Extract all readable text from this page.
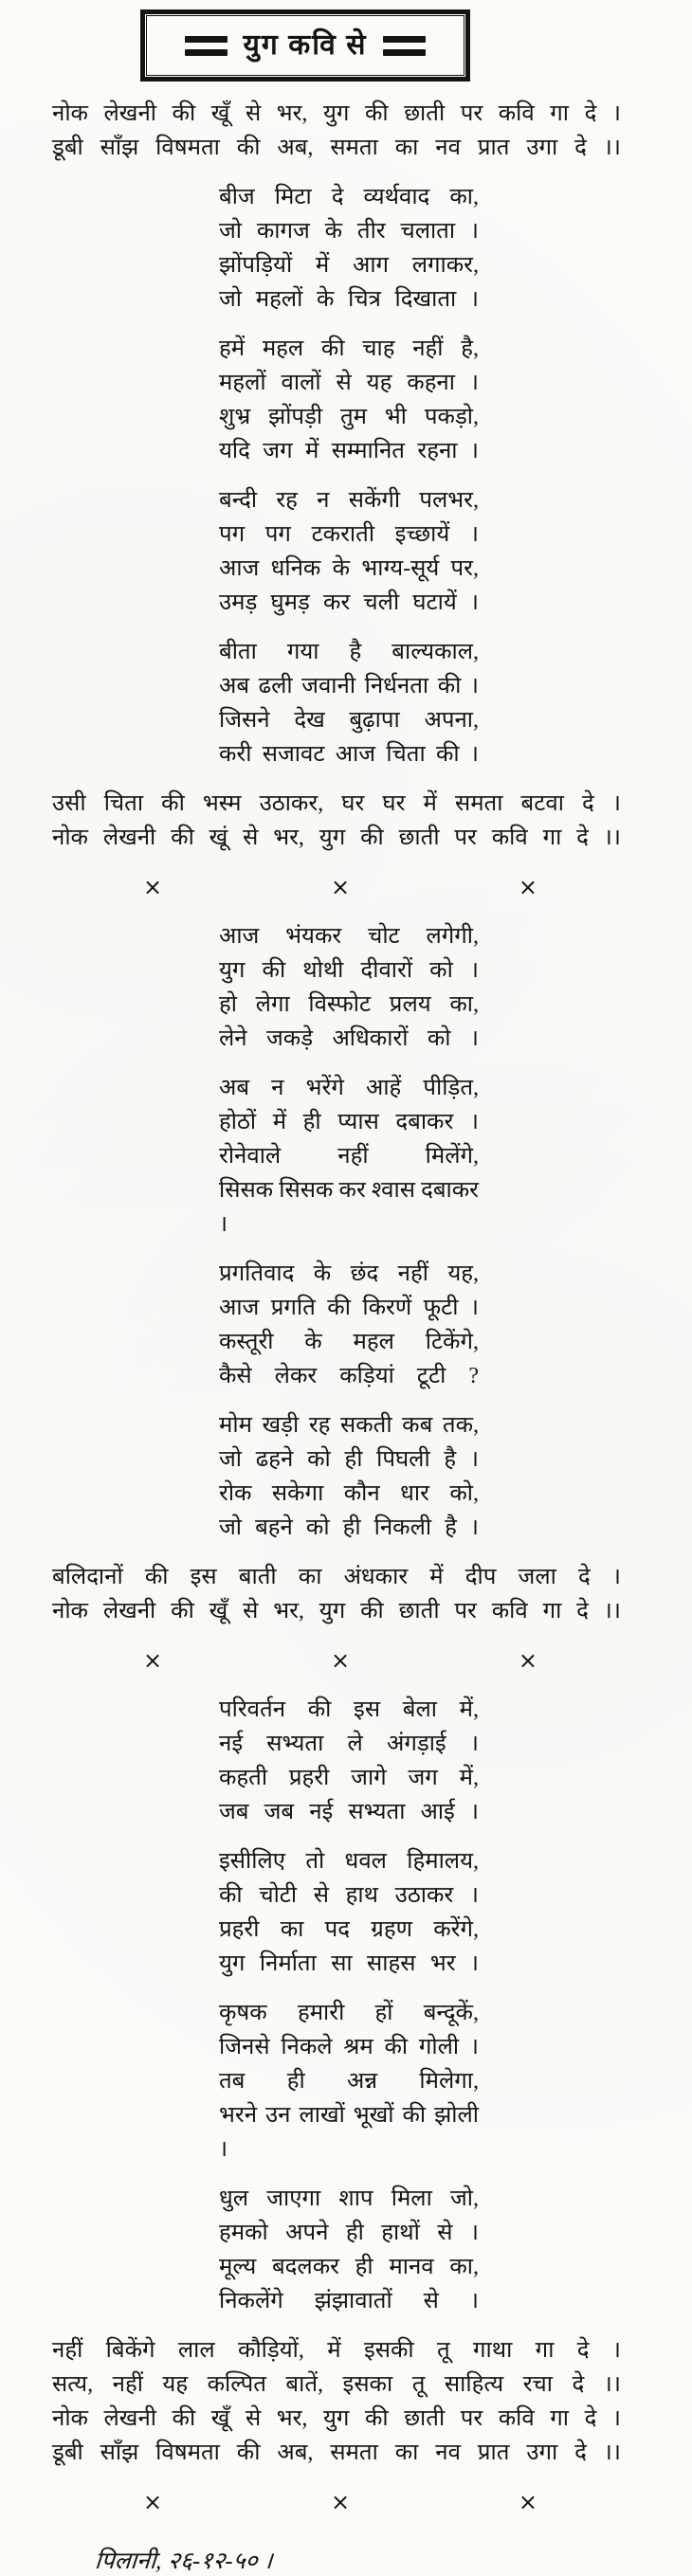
युग कवि से
नोक लेखनी की खूँ से भर, युग की छाती पर कवि गा दे ।
डूबी साँझ विषमता की अब, समता का नव प्रात उगा दे ।।
बीज मिटा दे व्यर्थवाद का,
जो कागज के तीर चलाता ।
झोंपड़ियों में आग लगाकर,
जो महलों के चित्र दिखाता ।
हमें महल की चाह नहीं है,
महलों वालों से यह कहना ।
शुभ्र झोंपड़ी तुम भी पकड़ो,
यदि जग में सम्मानित रहना ।
बन्दी रह न सकेंगी पलभर,
पग पग टकराती इच्छायें ।
आज धनिक के भाग्य-सूर्य पर,
उमड़ घुमड़ कर चली घटायें ।
बीता गया है बाल्यकाल,
अब ढली जवानी निर्धनता की ।
जिसने देख बुढ़ापा अपना,
करी सजावट आज चिता की ।
उसी चिता की भस्म उठाकर, घर घर में समता बटवा दे ।
नोक लेखनी की खूं से भर, युग की छाती पर कवि गा दे ।।
×	×	×
आज भंयकर चोट लगेगी,
युग की थोथी दीवारों को ।
हो लेगा विस्फोट प्रलय का,
लेने जकड़े अधिकारों को ।
अब न भरेंगे आहें पीड़ित,
होठों में ही प्यास दबाकर ।
रोनेवाले नहीं मिलेंगे,
सिसक सिसक कर श्वास दबाकर ।
प्रगतिवाद के छंद नहीं यह,
आज प्रगति की किरणें फूटी ।
कस्तूरी के महल टिकेंगे,
कैसे लेकर कड़ियां टूटी ?
मोम खड़ी रह सकती कब तक,
जो ढहने को ही पिघली है ।
रोक सकेगा कौन धार को,
जो बहने को ही निकली है ।
बलिदानों की इस बाती का अंधकार में दीप जला दे ।
नोक लेखनी की खूँ से भर, युग की छाती पर कवि गा दे ।।
×	×	×
परिवर्तन की इस बेला में,
नई सभ्यता ले अंगड़ाई ।
कहती प्रहरी जागे जग में,
जब जब नई सभ्यता आई ।
इसीलिए तो धवल हिमालय,
की चोटी से हाथ उठाकर ।
प्रहरी का पद ग्रहण करेंगे,
युग निर्माता सा साहस भर ।
कृषक हमारी हों बन्दूकें,
जिनसे निकले श्रम की गोली ।
तब ही अन्न मिलेगा,
भरने उन लाखों भूखों की झोली ।
धुल जाएगा शाप मिला जो,
हमको अपने ही हाथों से ।
मूल्य बदलकर ही मानव का,
निकलेंगे झंझावातों से ।
नहीं बिकेंगे लाल कौड़ियों, में इसकी तू गाथा गा दे ।
सत्य, नहीं यह कल्पित बातें, इसका तू साहित्य रचा दे ।।
नोक लेखनी की खूँ से भर, युग की छाती पर कवि गा दे ।
डूबी साँझ विषमता की अब, समता का नव प्रात उगा दे ।।
×	×	×
पिलानी, २६-१२-५० ।
